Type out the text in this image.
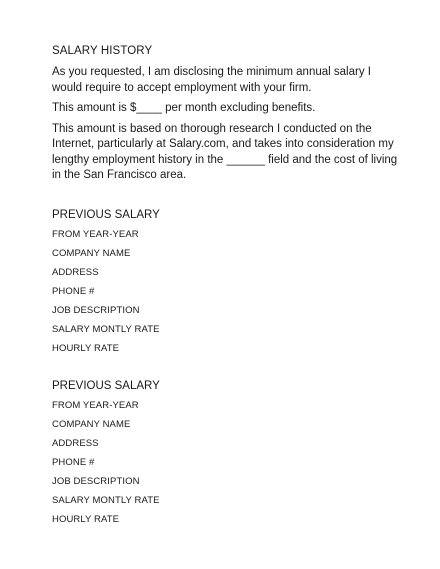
SALARY HISTORY
As you requested, I am disclosing the minimum annual salary I would require to accept employment with your firm.
This amount is $____ per month excluding benefits.
This amount is based on thorough research I conducted on the Internet, particularly at Salary.com, and takes into consideration my lengthy employment history in the ______ field and the cost of living in the San Francisco area.
PREVIOUS SALARY
FROM YEAR-YEAR
COMPANY NAME
ADDRESS
PHONE #
JOB DESCRIPTION
SALARY MONTLY RATE
HOURLY RATE
PREVIOUS SALARY
FROM YEAR-YEAR
COMPANY NAME
ADDRESS
PHONE #
JOB DESCRIPTION
SALARY MONTLY RATE
HOURLY RATE
